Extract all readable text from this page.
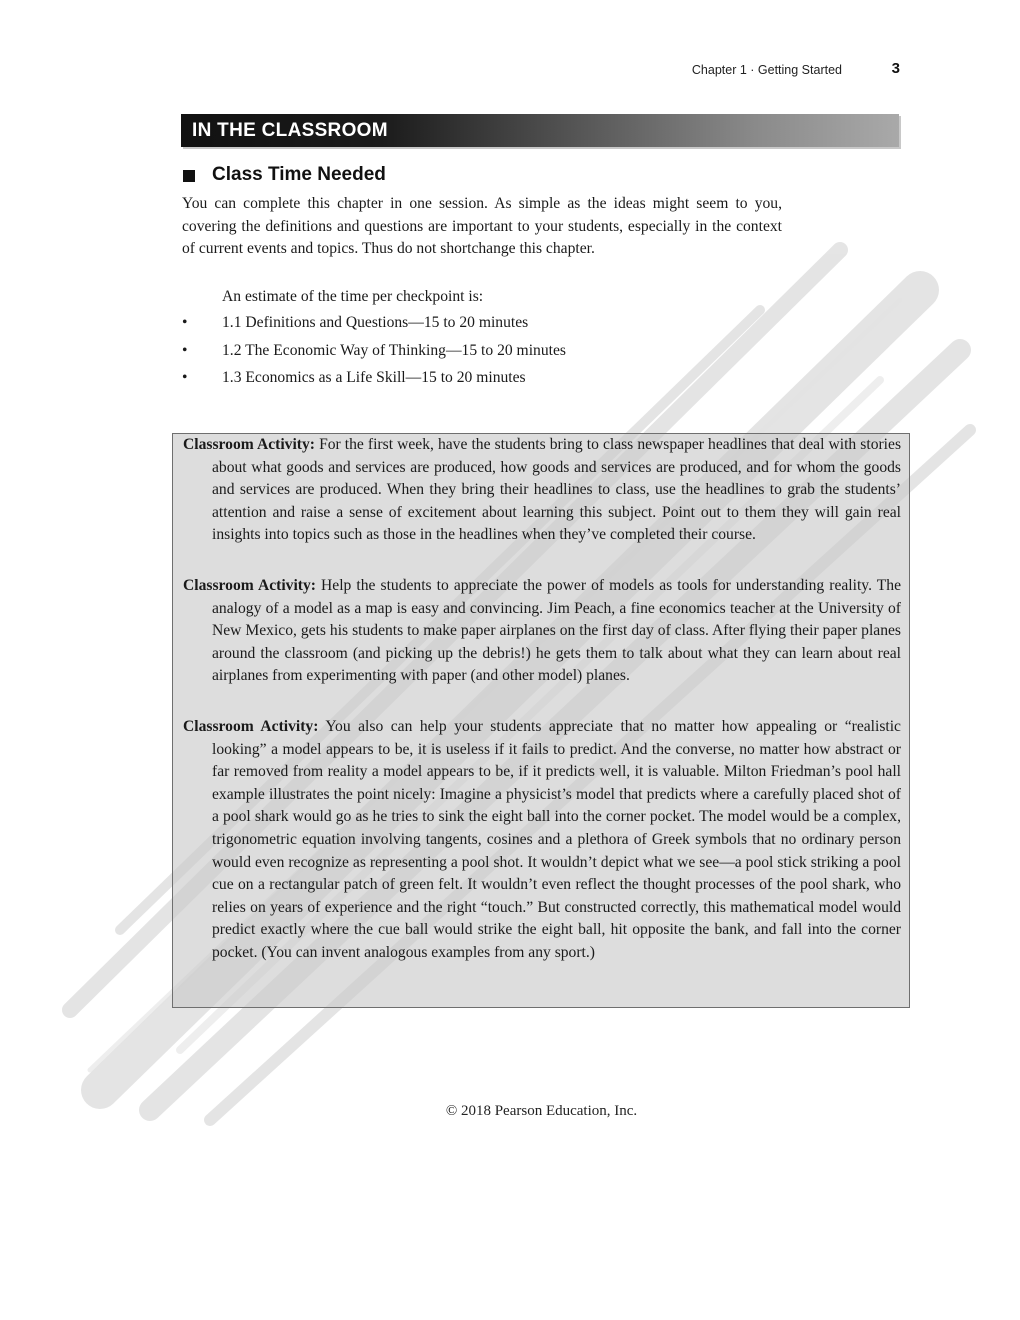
Chapter 1 · Getting Started	3
IN THE CLASSROOM
Class Time Needed

You can complete this chapter in one session. As simple as the ideas might seem to you, covering the definitions and questions are important to your students, especially in the context of current events and topics. Thus do not shortchange this chapter.

An estimate of the time per checkpoint is:

• 1.1 Definitions and Questions—15 to 20 minutes
• 1.2 The Economic Way of Thinking—15 to 20 minutes
• 1.3 Economics as a Life Skill—15 to 20 minutes

Classroom Activity: For the first week, have the students bring to class newspaper headlines that deal with stories about what goods and services are produced, how goods and services are produced, and for whom the goods and services are produced. When they bring their headlines to class, use the headlines to grab the students’ attention and raise a sense of excitement about learning this subject. Point out to them they will gain real insights into topics such as those in the headlines when they’ve completed their course.

Classroom Activity: Help the students to appreciate the power of models as tools for understanding reality. The analogy of a model as a map is easy and convincing. Jim Peach, a fine economics teacher at the University of New Mexico, gets his students to make paper airplanes on the first day of class. After flying their paper planes around the classroom (and picking up the debris!) he gets them to talk about what they can learn about real airplanes from experimenting with paper (and other model) planes.

Classroom Activity: You also can help your students appreciate that no matter how appealing or “realistic looking” a model appears to be, it is useless if it fails to predict. And the converse, no matter how abstract or far removed from reality a model appears to be, if it predicts well, it is valuable. Milton Friedman’s pool hall example illustrates the point nicely: Imagine a physicist’s model that predicts where a carefully placed shot of a pool shark would go as he tries to sink the eight ball into the corner pocket. The model would be a complex, trigonometric equation involving tangents, cosines and a plethora of Greek symbols that no ordinary person would even recognize as representing a pool shot. It wouldn’t depict what we see—a pool stick striking a pool cue on a rectangular patch of green felt. It wouldn’t even reflect the thought processes of the pool shark, who relies on years of experience and the right “touch.” But constructed correctly, this mathematical model would predict exactly where the cue ball would strike the eight ball, hit opposite the bank, and fall into the corner pocket. (You can invent analogous examples from any sport.)

© 2018 Pearson Education, Inc.
